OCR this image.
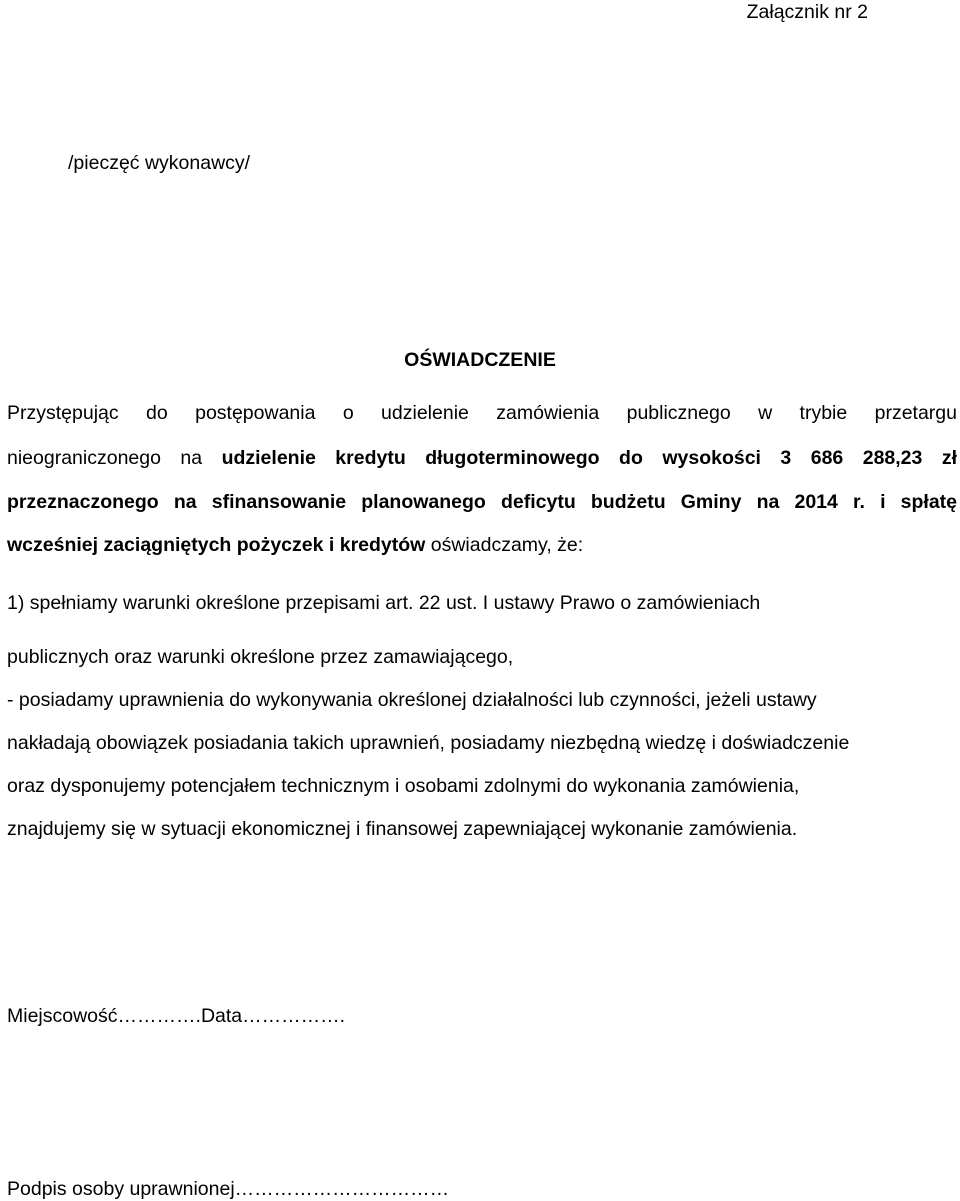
Załącznik nr 2
/pieczęć wykonawcy/
OŚWIADCZENIE
Przystępując do postępowania o udzielenie zamówienia publicznego w trybie przetargu
nieograniczonego na udzielenie kredytu długoterminowego do wysokości 3 686 288,23 zł
przeznaczonego na sfinansowanie planowanego deficytu budżetu Gminy na 2014 r. i spłatę
wcześniej zaciągniętych pożyczek i kredytów oświadczamy, że:
1) spełniamy warunki określone przepisami art. 22 ust. I ustawy Prawo o zamówieniach
publicznych oraz warunki określone przez zamawiającego,
- posiadamy uprawnienia do wykonywania określonej działalności lub czynności, jeżeli ustawy
nakładają obowiązek posiadania takich uprawnień, posiadamy niezbędną wiedzę i doświadczenie
oraz dysponujemy potencjałem technicznym i osobami zdolnymi do wykonania zamówienia,
znajdujemy się w sytuacji ekonomicznej i finansowej zapewniającej wykonanie zamówienia.
Miejscowość………….Data…………….
Podpis osoby uprawnionej……………………………
